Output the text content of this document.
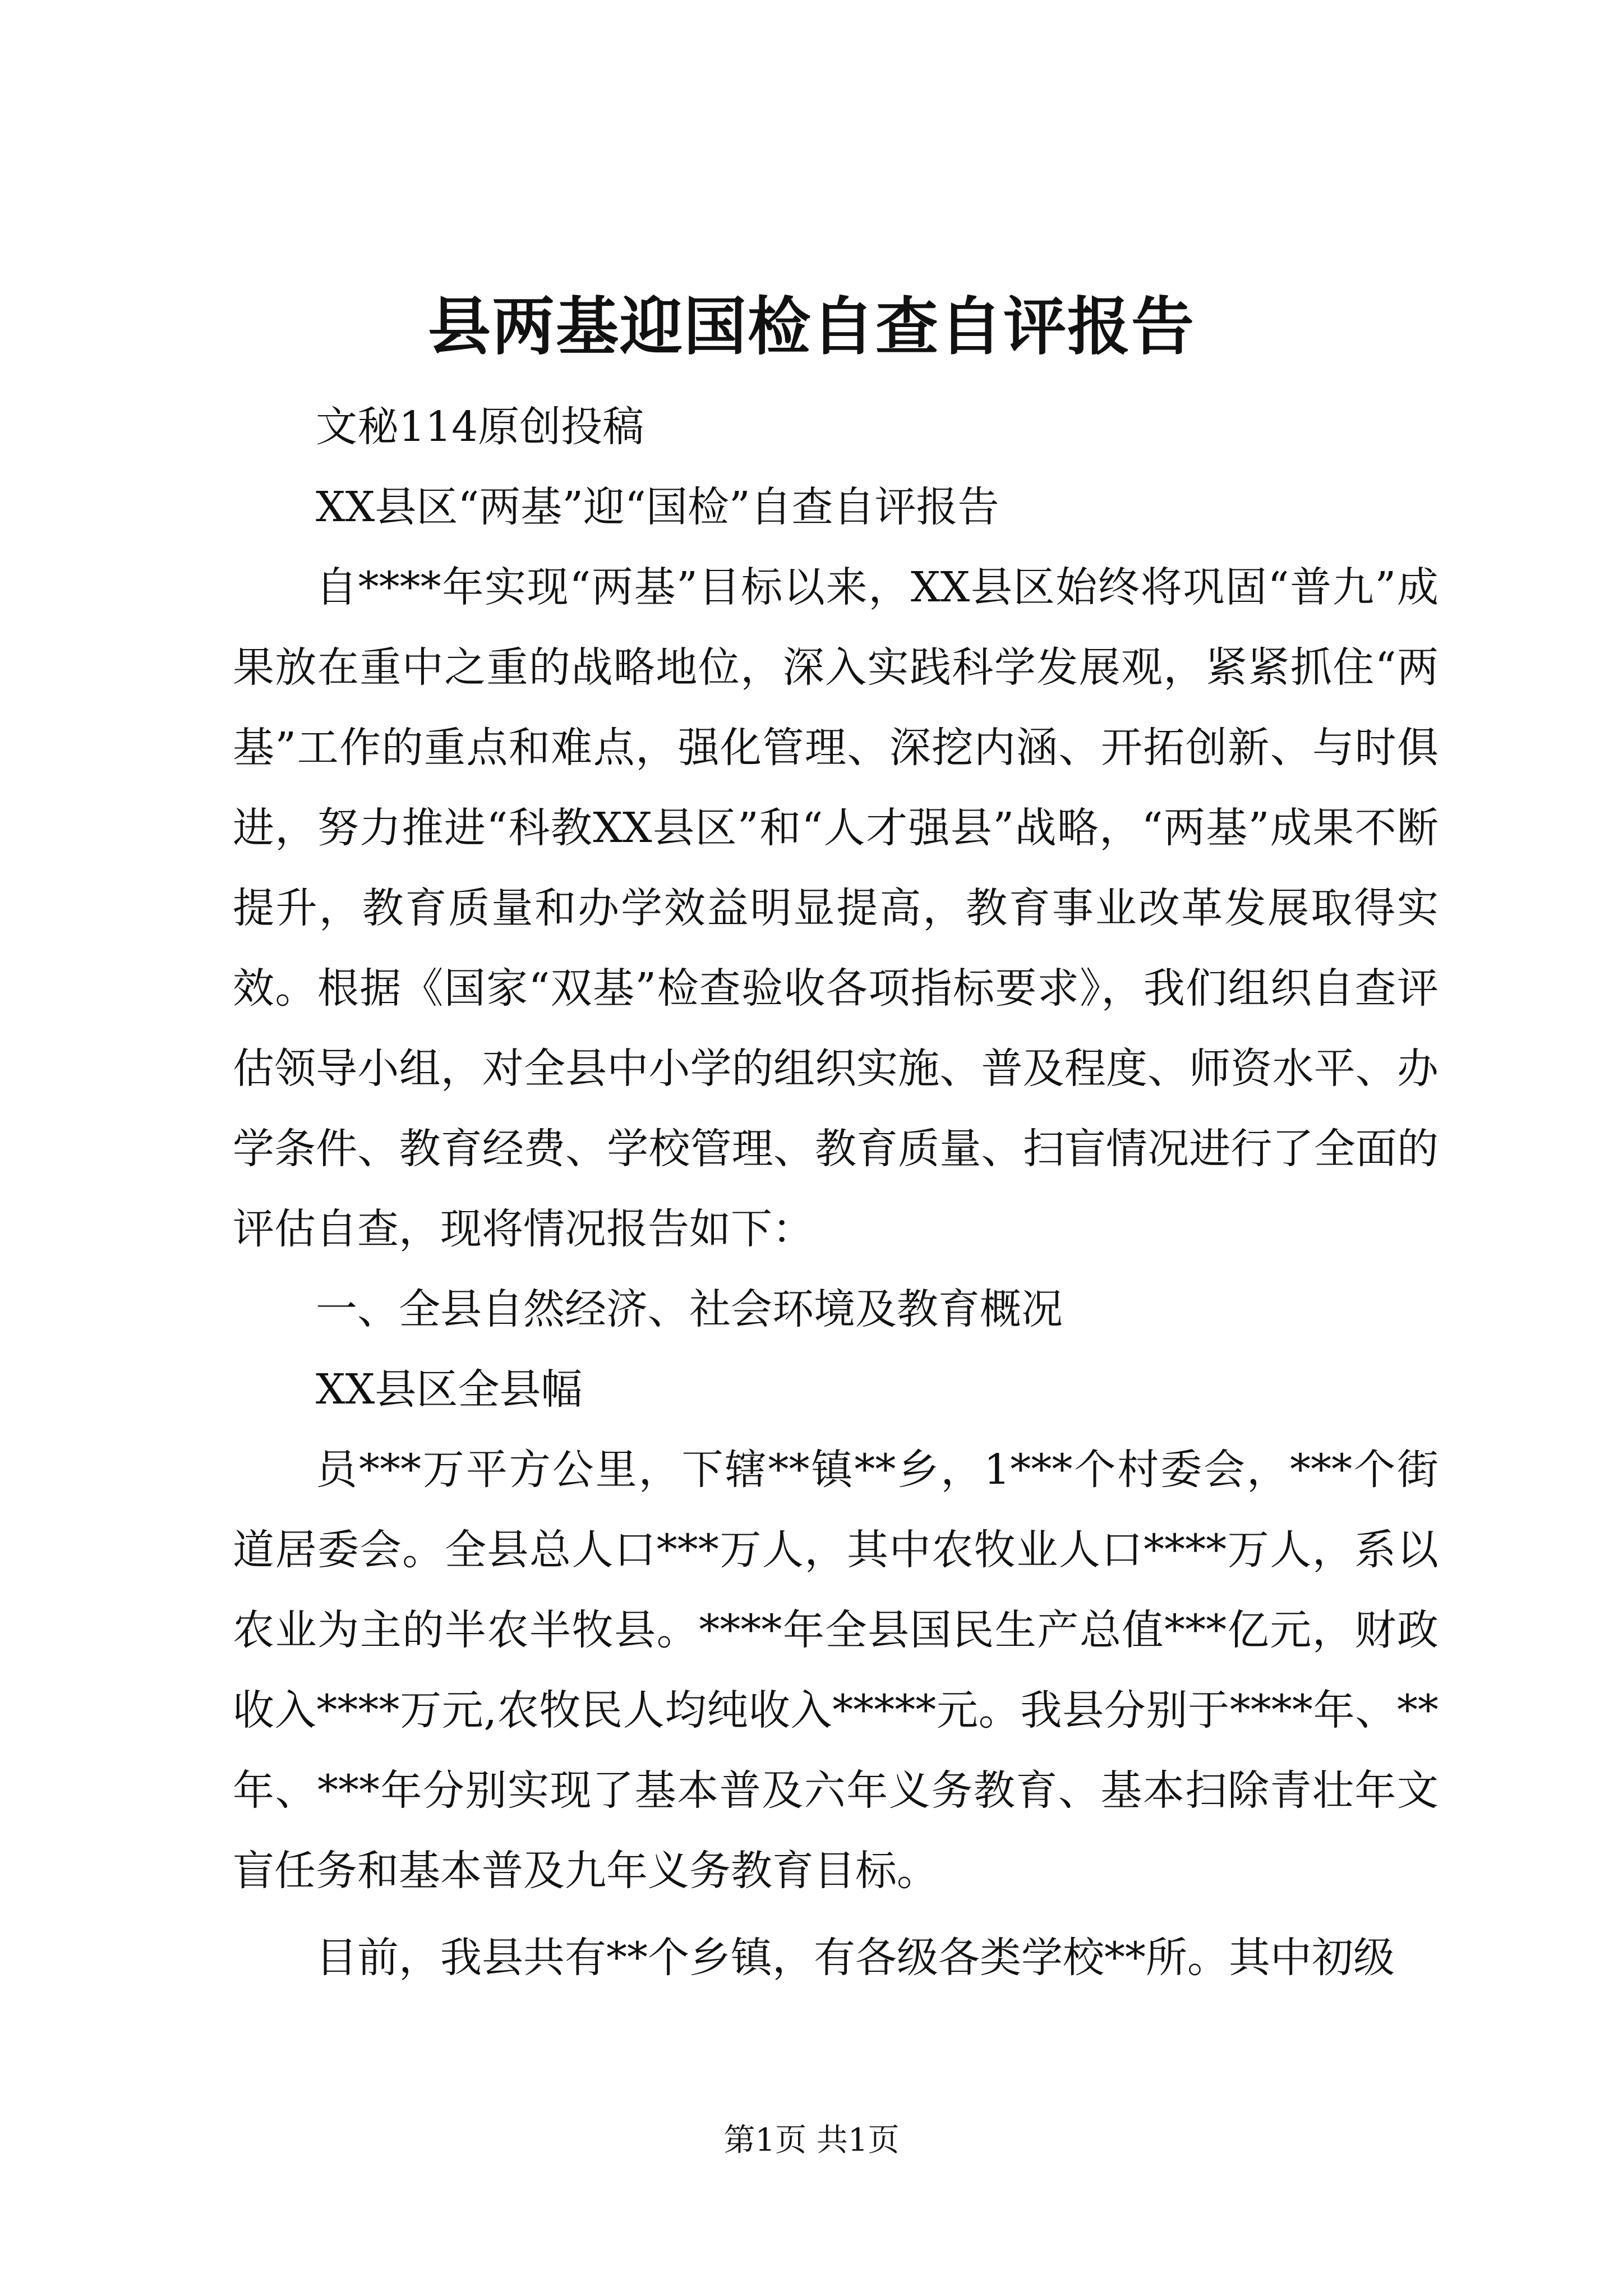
县两基迎国检自查自评报告

文秘114原创投稿

XX县区“两基”迎“国检”自查自评报告

自****年实现“两基”目标以来，XX县区始终将巩固“普九”成果放在重中之重的战略地位，深入实践科学发展观，紧紧抓住“两基”工作的重点和难点，强化管理、深挖内涵、开拓创新、与时俱进，努力推进“科教XX县区”和“人才强县”战略，“两基”成果不断提升，教育质量和办学效益明显提高，教育事业改革发展取得实效。根据《国家“双基”检查验收各项指标要求》，我们组织自查评估领导小组，对全县中小学的组织实施、普及程度、师资水平、办学条件、教育经费、学校管理、教育质量、扫盲情况进行了全面的评估自查，现将情况报告如下：

一、全县自然经济、社会环境及教育概况

XX县区全县幅

员***万平方公里，下辖**镇**乡，1***个村委会，***个街道居委会。全县总人口***万人，其中农牧业人口****万人，系以农业为主的半农半牧县。****年全县国民生产总值***亿元，财政收入****万元,农牧民人均纯收入*****元。我县分别于****年、**年、***年分别实现了基本普及六年义务教育、基本扫除青壮年文盲任务和基本普及九年义务教育目标。

目前，我县共有**个乡镇，有各级各类学校**所。其中初级

第1页 共1页
